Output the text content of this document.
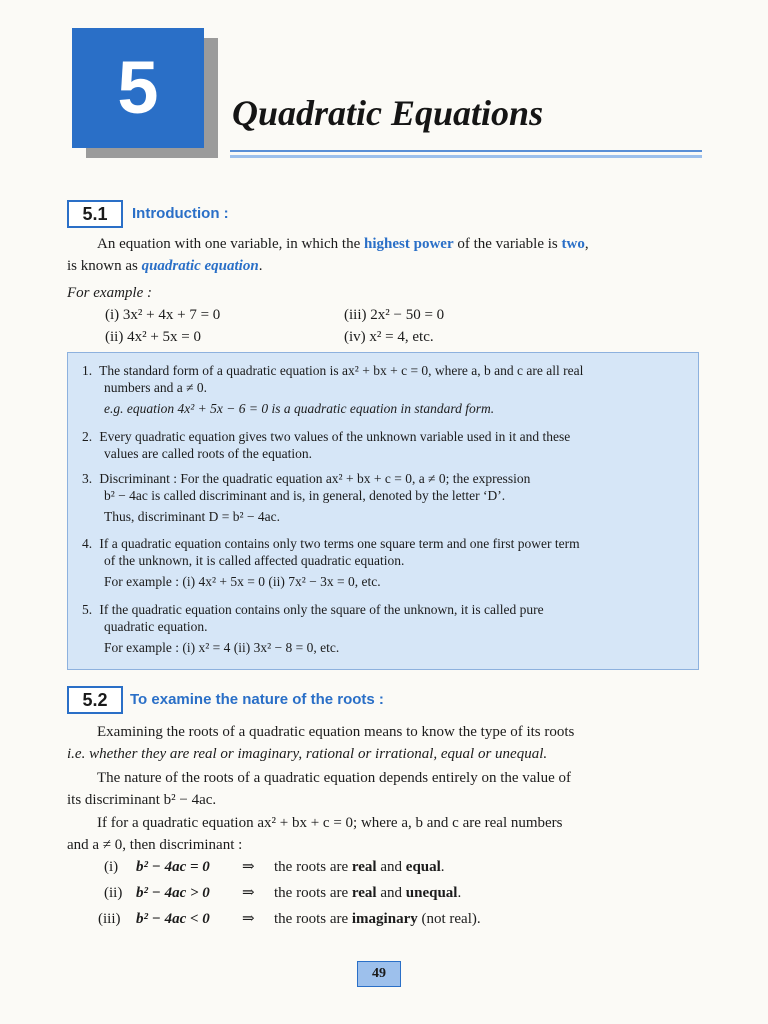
5	Quadratic Equations
5.1	Introduction :
An equation with one variable, in which the highest power of the variable is two,
is known as quadratic equation.
For example :
(i) 3x² + 4x + 7 = 0
(ii) 4x² + 5x = 0
(iii) 2x² − 50 = 0
(iv) x² = 4, etc.
1. The standard form of a quadratic equation is ax² + bx + c = 0, where a, b and c are all real
numbers and a ≠ 0.
e.g. equation 4x² + 5x − 6 = 0 is a quadratic equation in standard form.
2. Every quadratic equation gives two values of the unknown variable used in it and these
values are called roots of the equation.
3. Discriminant : For the quadratic equation ax² + bx + c = 0, a ≠ 0; the expression
b² − 4ac is called discriminant and is, in general, denoted by the letter ‘D’.
Thus, discriminant D = b² − 4ac.
4. If a quadratic equation contains only two terms one square term and one first power term
of the unknown, it is called affected quadratic equation.
For example : (i) 4x² + 5x = 0 (ii) 7x² − 3x = 0, etc.
5. If the quadratic equation contains only the square of the unknown, it is called pure
quadratic equation.
For example : (i) x² = 4 (ii) 3x² − 8 = 0, etc.
5.2	To examine the nature of the roots :
Examining the roots of a quadratic equation means to know the type of its roots
i.e. whether they are real or imaginary, rational or irrational, equal or unequal.
The nature of the roots of a quadratic equation depends entirely on the value of
its discriminant b² − 4ac.
If for a quadratic equation ax² + bx + c = 0; where a, b and c are real numbers
and a ≠ 0, then discriminant :
(i) b² − 4ac = 0 ⇒ the roots are real and equal.
(ii) b² − 4ac > 0 ⇒ the roots are real and unequal.
(iii) b² − 4ac < 0 ⇒ the roots are imaginary (not real).
49
